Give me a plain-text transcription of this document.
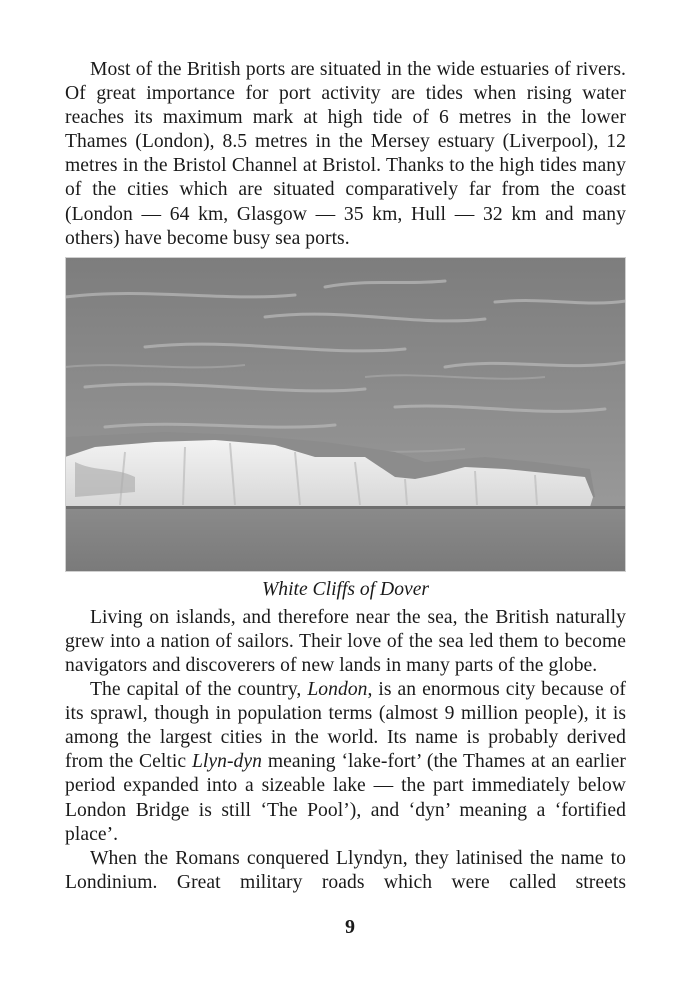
Most of the British ports are situated in the wide estuaries of rivers. Of great importance for port activity are tides when rising water reaches its maximum mark at high tide of 6 metres in the lower Thames (London), 8.5 metres in the Mersey estuary (Liverpool), 12 metres in the Bristol Channel at Bristol. Thanks to the high tides many of the cities which are situated comparatively far from the coast (London — 64 km, Glasgow — 35 km, Hull — 32 km and many others) have become busy sea ports.

White Cliffs of Dover

Living on islands, and therefore near the sea, the British naturally grew into a nation of sailors. Their love of the sea led them to become navigators and discoverers of new lands in many parts of the globe.

The capital of the country, London, is an enormous city because of its sprawl, though in population terms (almost 9 million people), it is among the largest cities in the world. Its name is probably derived from the Celtic Llyn-dyn meaning ‘lake-fort’ (the Thames at an earlier period expanded into a sizeable lake — the part immediately below London Bridge is still ‘The Pool’), and ‘dyn’ meaning a ‘fortified place’.

When the Romans conquered Llyndyn, they latinised the name to Londinium. Great military roads which were called streets

9
